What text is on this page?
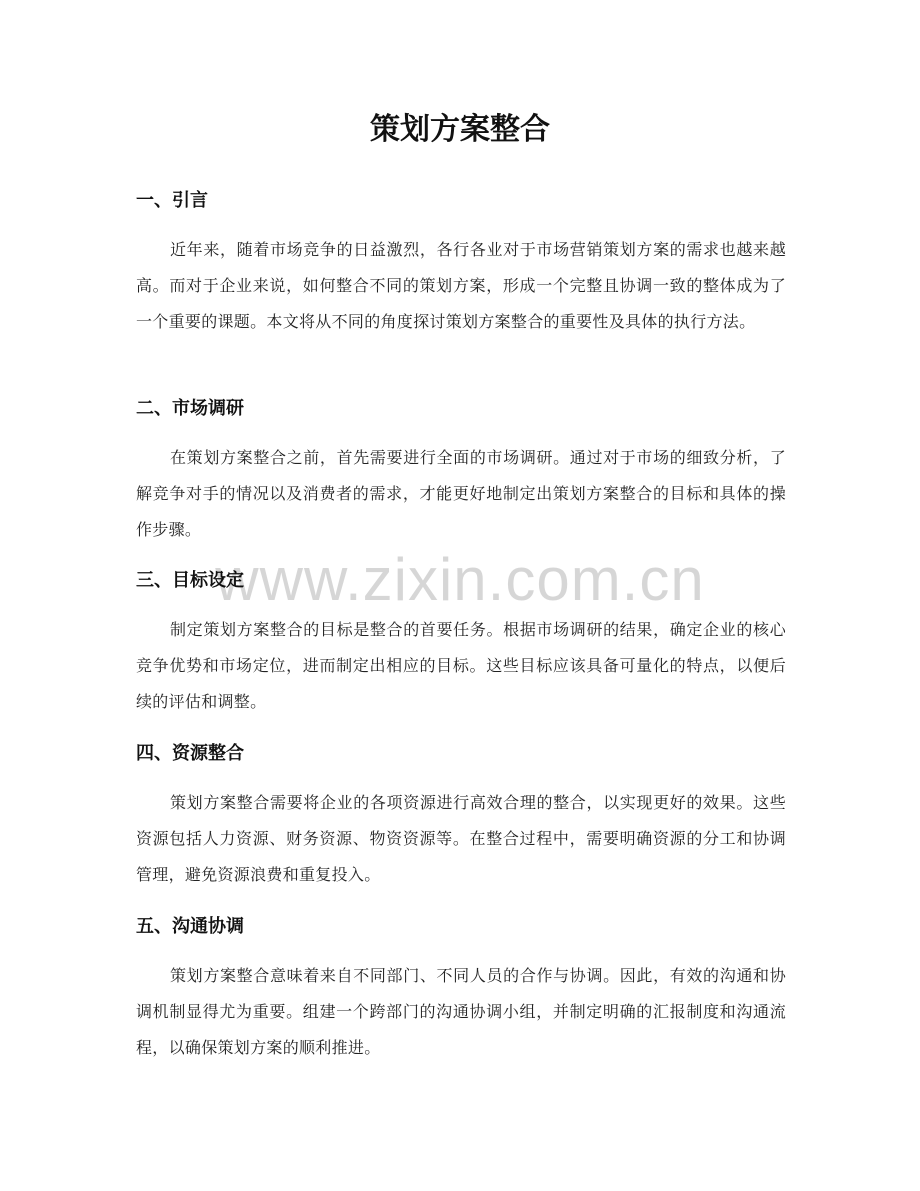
策划方案整合
一、引言

近年来，随着市场竞争的日益激烈，各行各业对于市场营销策划方案的需求也越来越高。而对于企业来说，如何整合不同的策划方案，形成一个完整且协调一致的整体成为了一个重要的课题。本文将从不同的角度探讨策划方案整合的重要性及具体的执行方法。

二、市场调研

在策划方案整合之前，首先需要进行全面的市场调研。通过对于市场的细致分析，了解竞争对手的情况以及消费者的需求，才能更好地制定出策划方案整合的目标和具体的操作步骤。

三、目标设定

制定策划方案整合的目标是整合的首要任务。根据市场调研的结果，确定企业的核心竞争优势和市场定位，进而制定出相应的目标。这些目标应该具备可量化的特点，以便后续的评估和调整。

四、资源整合

策划方案整合需要将企业的各项资源进行高效合理的整合，以实现更好的效果。这些资源包括人力资源、财务资源、物资资源等。在整合过程中，需要明确资源的分工和协调管理，避免资源浪费和重复投入。

五、沟通协调

策划方案整合意味着来自不同部门、不同人员的合作与协调。因此，有效的沟通和协调机制显得尤为重要。组建一个跨部门的沟通协调小组，并制定明确的汇报制度和沟通流程，以确保策划方案的顺利推进。

www.zixin.com.cn
